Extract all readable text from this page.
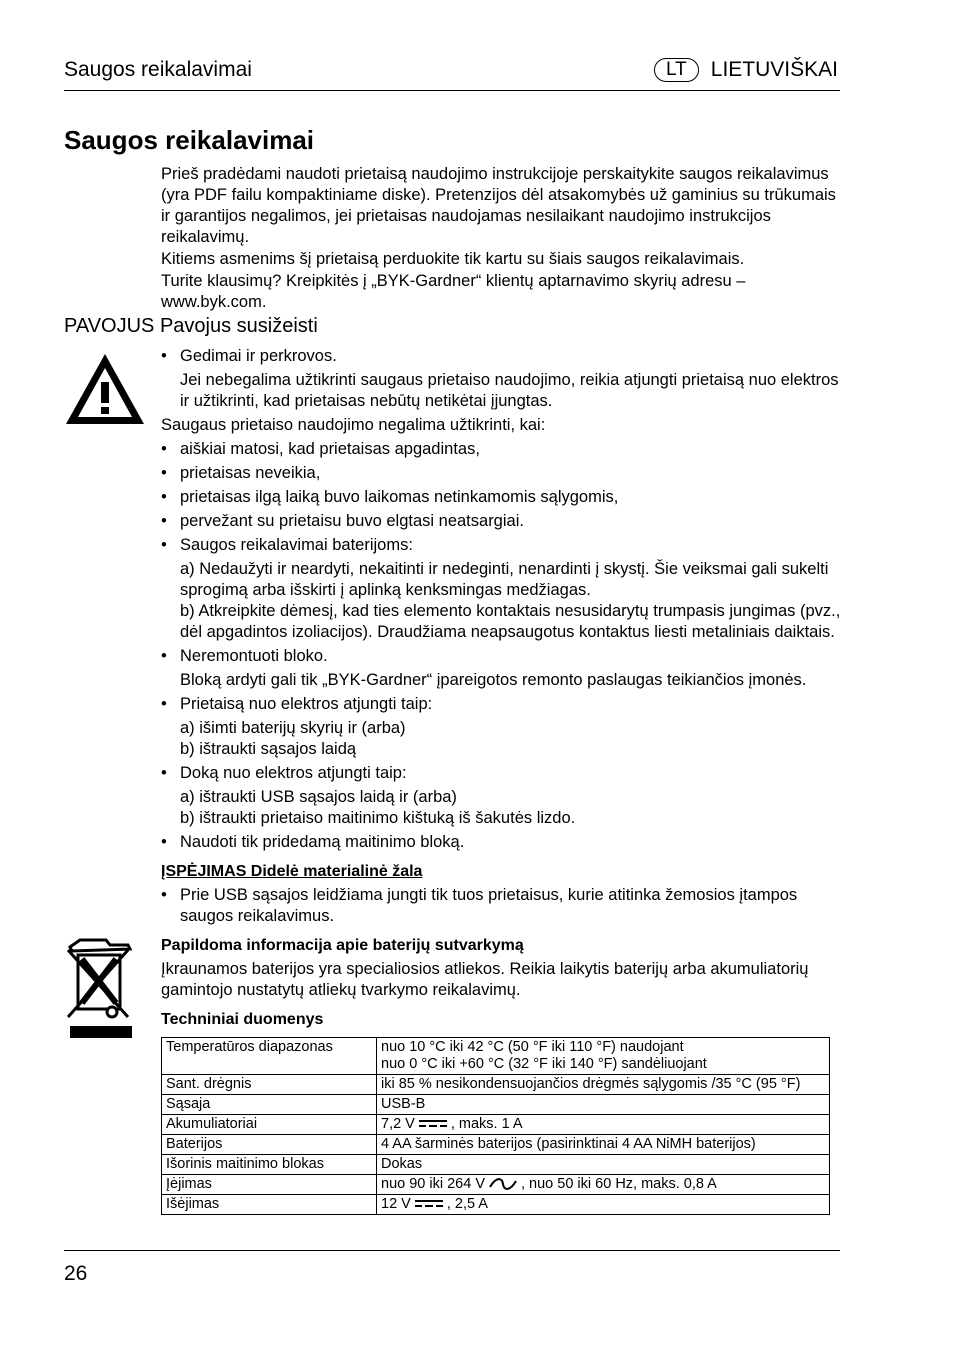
Saugos reikalavimai	LT	LIETUVIŠKAI
Saugos reikalavimai

Prieš pradėdami naudoti prietaisą naudojimo instrukcijoje perskaitykite saugos reikalavimus (yra PDF failu kompaktiniame diske). Pretenzijos dėl atsakomybės už gaminius su trūkumais ir garantijos negalimos, jei prietaisas naudojamas nesilaikant naudojimo instrukcijos reikalavimų.

Kitiems asmenims šį prietaisą perduokite tik kartu su šiais saugos reikalavimais.

Turite klausimų? Kreipkitės į „BYK-Gardner“ klientų aptarnavimo skyrių adresu – www.byk.com.

PAVOJUS Pavojus susižeisti
• Gedimai ir perkrovos.
Jei nebegalima užtikrinti saugaus prietaiso naudojimo, reikia atjungti prietaisą nuo elektros ir užtikrinti, kad prietaisas nebūtų netikėtai įjungtas.
Saugaus prietaiso naudojimo negalima užtikrinti, kai:
• aiškiai matosi, kad prietaisas apgadintas,
• prietaisas neveikia,
• prietaisas ilgą laiką buvo laikomas netinkamomis sąlygomis,
• pervežant su prietaisu buvo elgtasi neatsargiai.
• Saugos reikalavimai baterijoms:
a) Nedaužyti ir neardyti, nekaitinti ir nedeginti, nenardinti į skystį. Šie veiksmai gali sukelti sprogimą arba išskirti į aplinką kenksmingas medžiagas.
b) Atkreipkite dėmesį, kad ties elemento kontaktais nesusidarytų trumpasis jungimas (pvz., dėl apgadintos izoliacijos). Draudžiama neapsaugotus kontaktus liesti metaliniais daiktais.
• Neremontuoti bloko.
Bloką ardyti gali tik „BYK-Gardner“ įpareigotos remonto paslaugas teikiančios įmonės.
• Prietaisą nuo elektros atjungti taip:
a) išimti baterijų skyrių ir (arba)
b) ištraukti sąsajos laidą
• Doką nuo elektros atjungti taip:
a) ištraukti USB sąsajos laidą ir (arba)
b) ištraukti prietaiso maitinimo kištuką iš šakutės lizdo.
• Naudoti tik pridedamą maitinimo bloką.
ĮSPĖJIMAS Didelė materialinė žala
• Prie USB sąsajos leidžiama jungti tik tuos prietaisus, kurie atitinka žemosios įtampos saugos reikalavimus.
Papildoma informacija apie baterijų sutvarkymą
Įkraunamos baterijos yra specialiosios atliekos. Reikia laikytis baterijų arba akumuliatorių gamintojo nustatytų atliekų tvarkymo reikalavimų.
Techniniai duomenys
Temperatūros diapazonas	nuo 10 °C iki 42 °C (50 °F iki 110 °F) naudojant
nuo 0 °C iki +60 °C (32 °F iki 140 °F) sandėliuojant

Sant. drėgnis	iki 85 % nesikondensuojančios drėgmės sąlygomis /35 °C (95 °F)
Sąsaja	USB-B
Akumuliatoriai	7,2 V , maks. 1 A
Baterijos	4 AA šarminės baterijos (pasirinktinai 4 AA NiMH baterijos)
Išorinis maitinimo blokas	Dokas
Įėjimas	nuo 90 iki 264 V , nuo 50 iki 60 Hz, maks. 0,8 A
Išėjimas	12 V , 2,5 A
26
